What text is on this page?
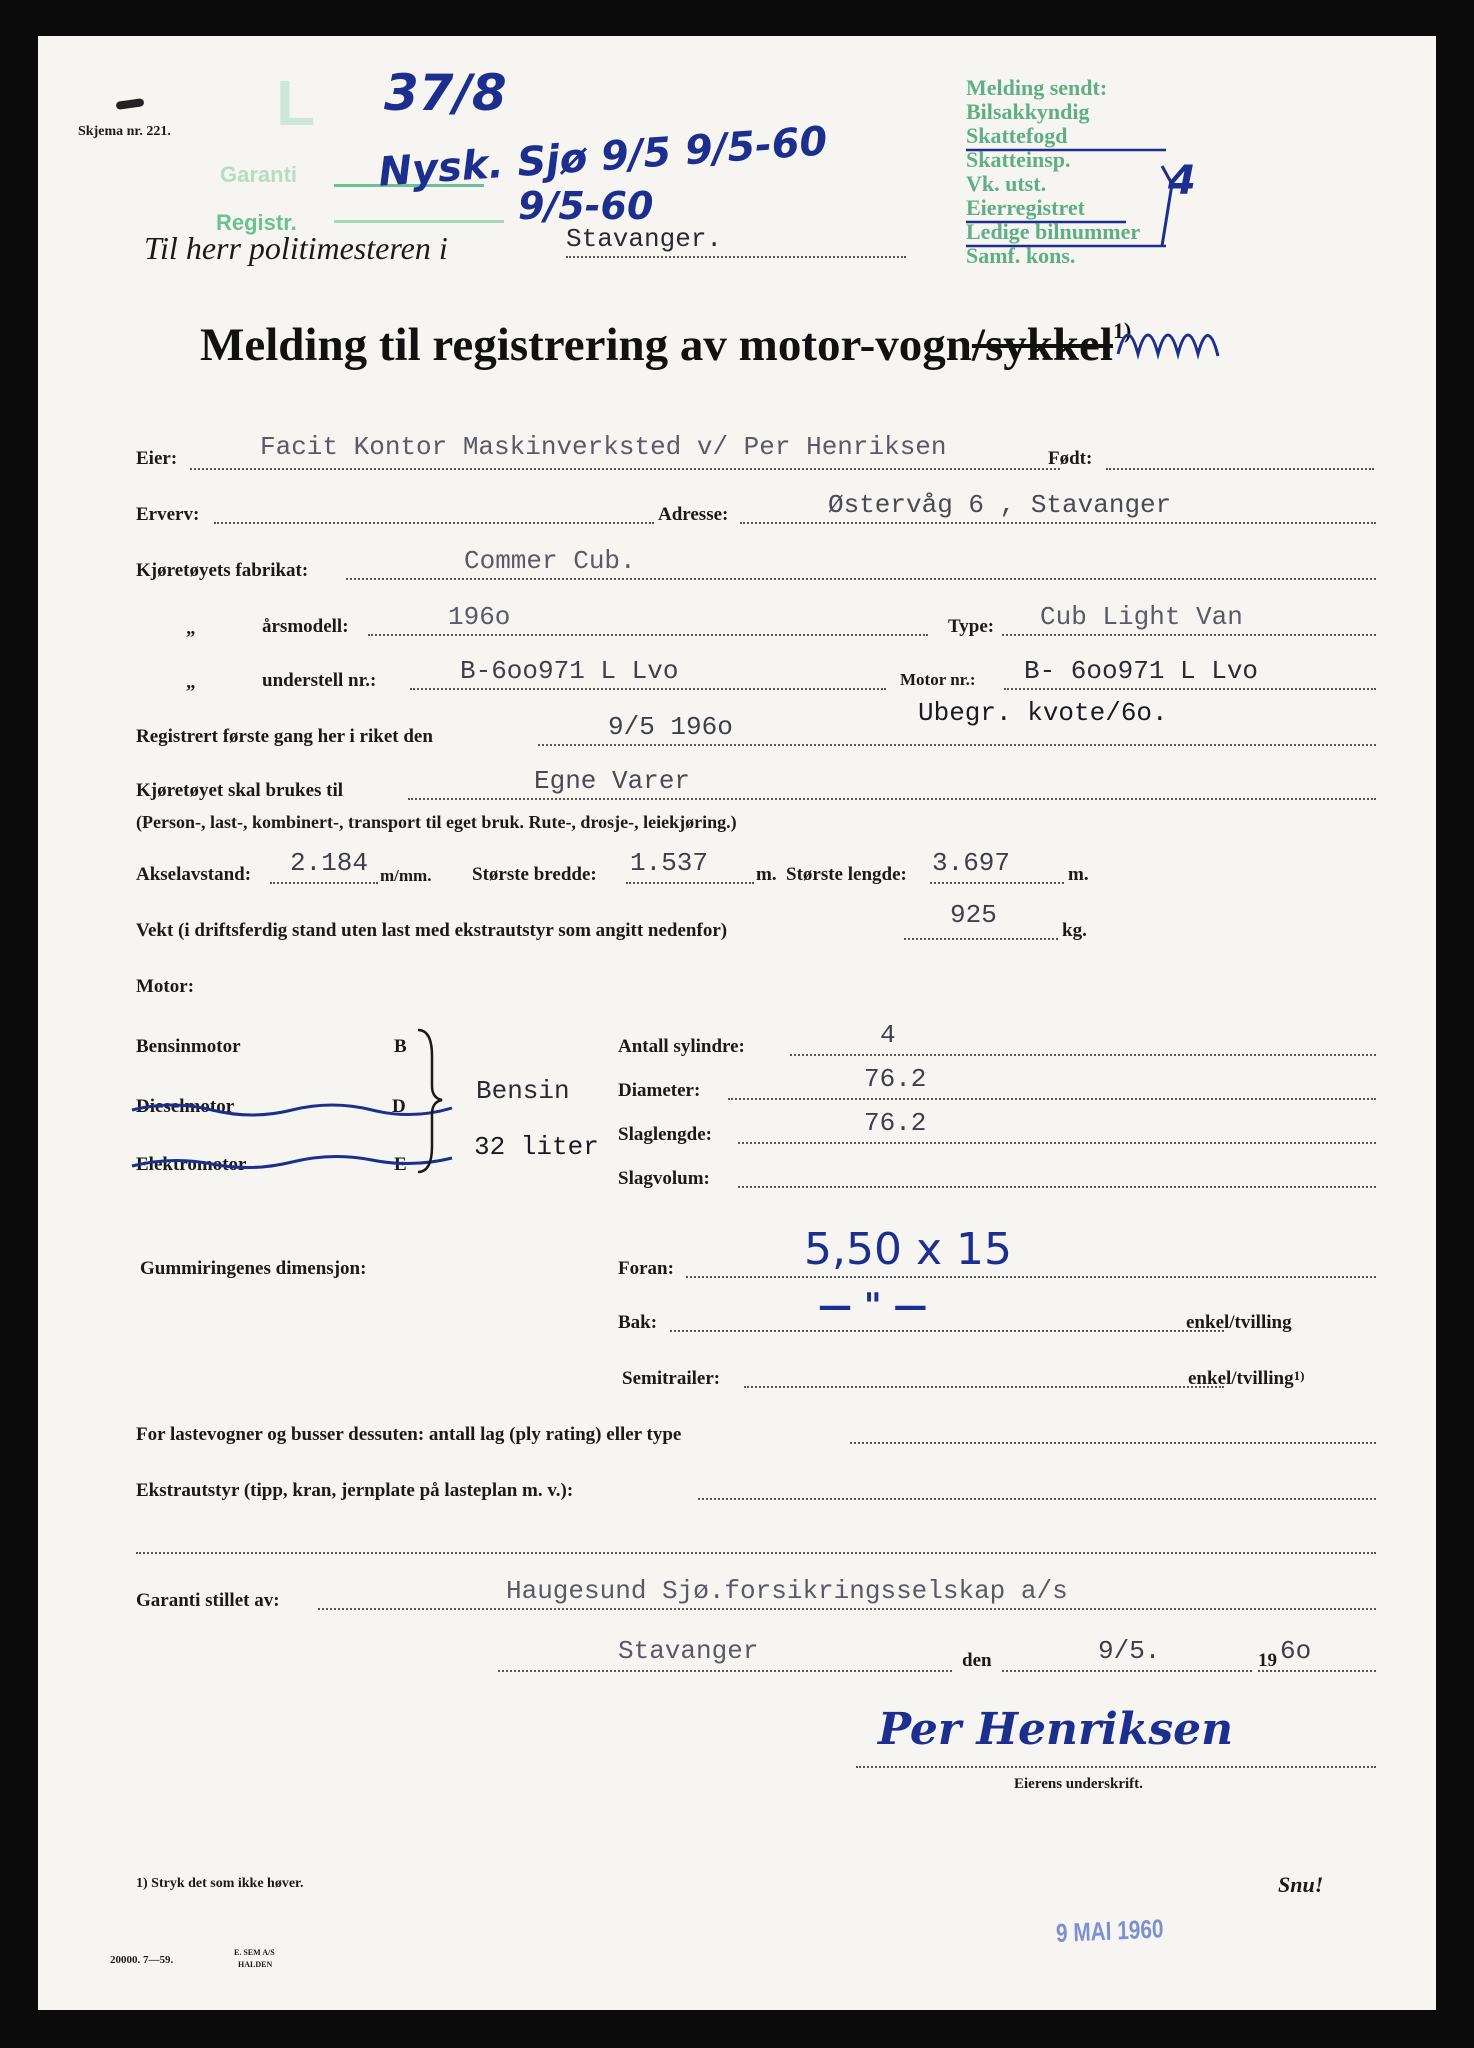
Skjema nr. 221. L
Garanti
Registr.
37/8
Nysk. Sjø 9/5 9/5-60
9/5-60
Til herr politimesteren i	Stavanger.
Melding sendt:
Bilsakkyndig
Skattefogd
Skatteinsp.
Vk. utst.
Eierregistret
Ledige bilnummer
Samf. kons.
4
Melding til registrering av motor-vogn/sykkel$^{1)}$
Eier:	Facit Kontor Maskinverksted v/ Per Henriksen	Født:
Erverv:	Adresse:	Østervåg 6 , Stavanger
Kjøretøyets fabrikat:	Commer Cub.
„	årsmodell:	196o	Type: Cub Light Van
„	understell nr.:	B-6oo971 L Lvo	Motor nr.: B- 6oo971 L Lvo
Ubegr. kvote/6o.
Registrert første gang her i riket den	9/5 196o
Kjøretøyet skal brukes til	Egne Varer
(Person-, last-, kombinert-, transport til eget bruk. Rute-, drosje-, leiekjøring.)
Akselavstand: 2.184 m/mm. Største bredde: 1.537	m. Største lengde: 3.697	m.
Vekt (i driftsferdig stand uten last med ekstrautstyr som angitt nedenfor)
925
kg.
Motor:
Bensinmotor	B
Dieselmotor	D
Elektromotor	E
Bensin
32 liter
Antall sylindre:	4
Diameter:	76.2
Slaglengde:	76.2
Slagvolum:
Gummiringenes dimensjon:	Foran:	5,50 x 15
Bak:	— " —	enkel/tvilling
Semitrailer:	enkel/tvilling$^{1)}$
For lastevogner og busser dessuten: antall lag (ply rating) eller type
Ekstrautstyr (tipp, kran, jernplate på lasteplan m. v.):
Garanti stillet av:	Haugesund Sjø.forsikringsselskap a/s
Stavanger	den	9/5.	19 6o
Per Henriksen
Eierens underskrift.
1) Stryk det som ikke høver.	Snu!
20000. 7—59.
E. SEM A/S
HALDEN
9 MAI 1960
